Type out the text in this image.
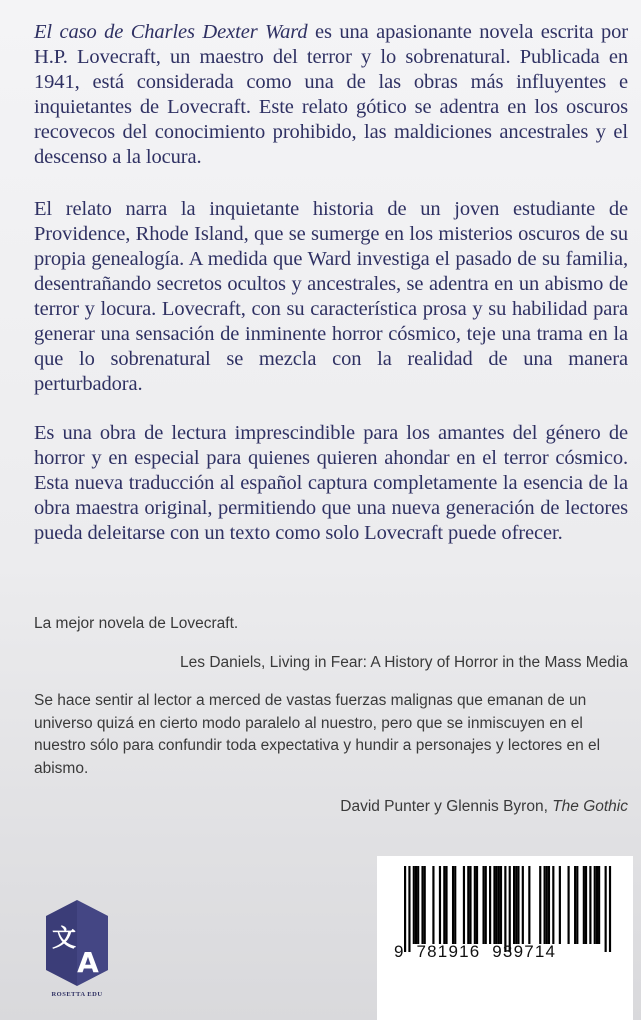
El caso de Charles Dexter Ward es una apasionante novela escrita por H.P. Lovecraft, un maestro del terror y lo sobrenatural. Publicada en 1941, está considerada como una de las obras más influyentes e inquietantes de Lovecraft. Este relato gótico se adentra en los oscuros recovecos del conocimiento prohibido, las maldiciones ancestrales y el descenso a la locura.

El relato narra la inquietante historia de un joven estudiante de Providence, Rhode Island, que se sumerge en los misterios oscuros de su propia genealogía. A medida que Ward investiga el pasado de su familia, desentrañando secretos ocultos y ancestrales, se adentra en un abismo de terror y locura. Lovecraft, con su característica prosa y su habilidad para generar una sensación de inminente horror cósmico, teje una trama en la que lo sobrenatural se mezcla con la realidad de una manera perturbadora.

Es una obra de lectura imprescindible para los amantes del género de horror y en especial para quienes quieren ahondar en el terror cósmico. Esta nueva traducción al español captura completamente la esencia de la obra maestra original, permitiendo que una nueva generación de lectores pueda deleitarse con un texto como solo Lovecraft puede ofrecer.

La mejor novela de Lovecraft.

Les Daniels, Living in Fear: A History of Horror in the Mass Media

Se hace sentir al lector a merced de vastas fuerzas malignas que emanan de un universo quizá en cierto modo paralelo al nuestro, pero que se inmiscuyen en el nuestro sólo para confundir toda expectativa y hundir a personajes y lectores en el abismo.

David Punter y Glennis Byron, The Gothic

文
A
ROSETTA EDU
9  781916  939714
